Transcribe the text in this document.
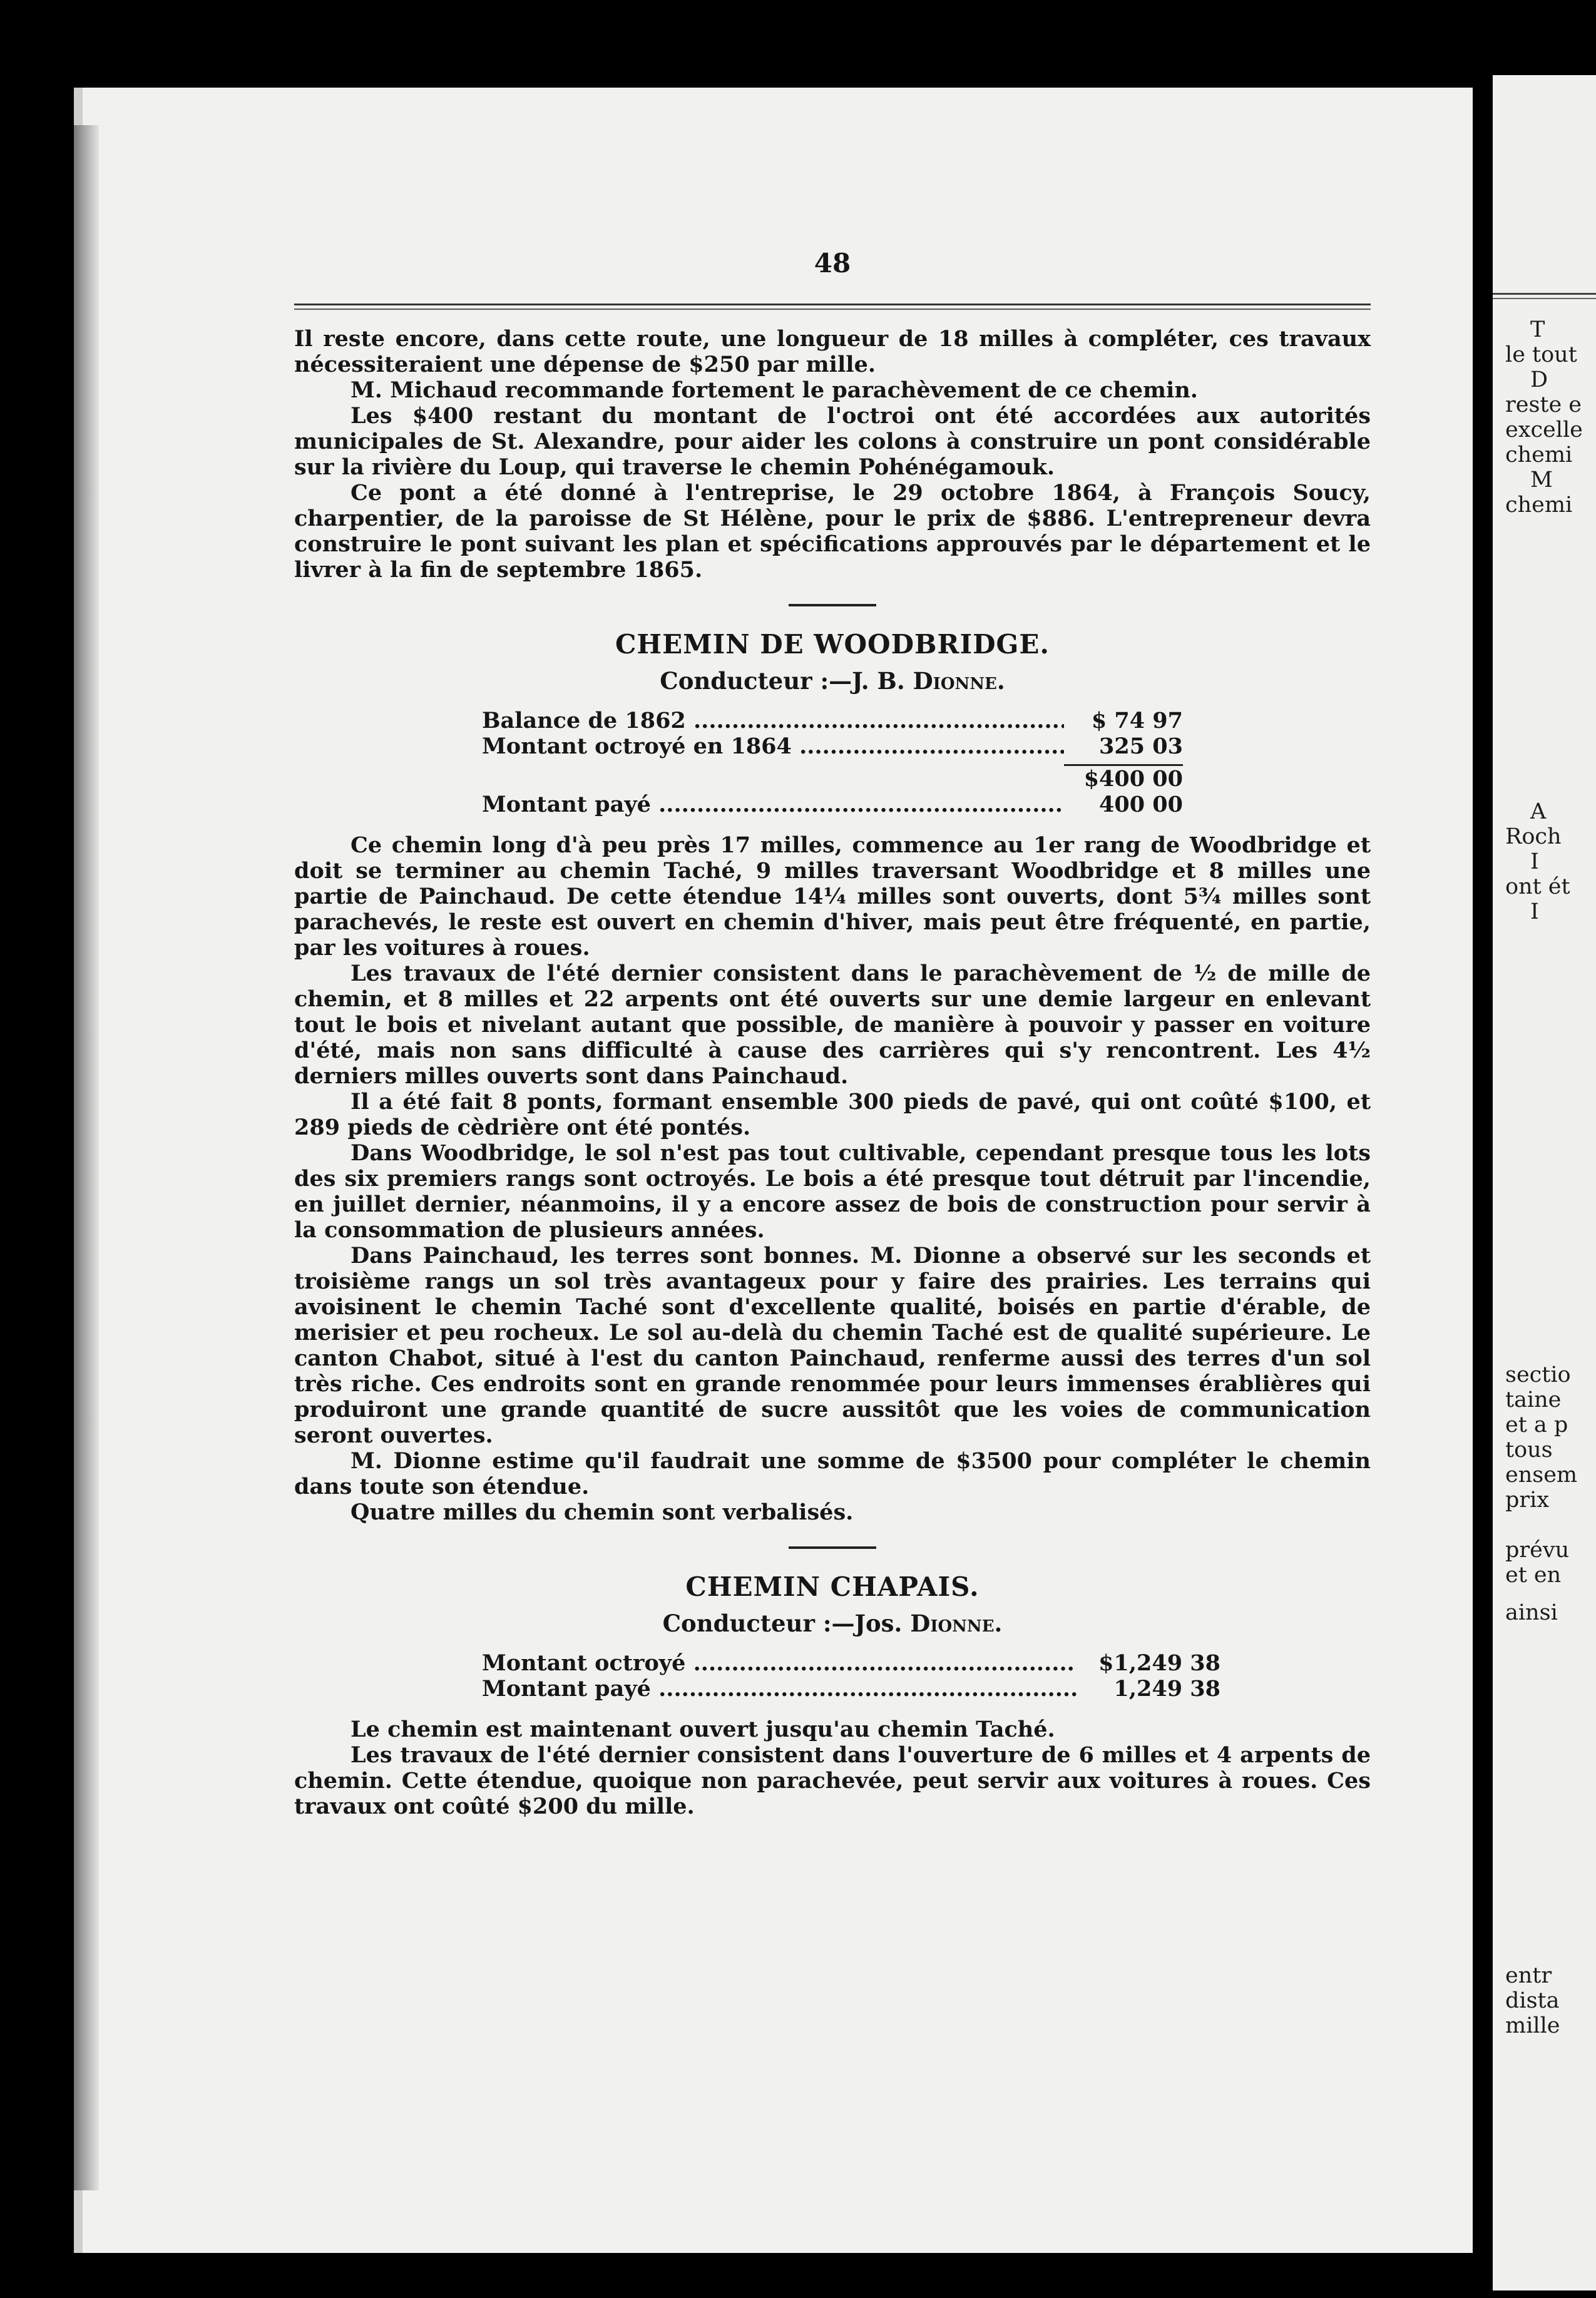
T
le tout
D
reste e
excelle
chemi
M
chemi
A
Roch
I
ont ét
I
sectio
taine
et a p
tous
ensem
prix
prévu
et en
ainsi
entr
dista
mille
48

Il reste encore, dans cette route, une longueur de 18 milles à compléter, ces travaux nécessiteraient une dépense de $250 par mille.

M. Michaud recommande fortement le parachèvement de ce chemin.

Les $400 restant du montant de l'octroi ont été accordées aux autorités municipales de St. Alexandre, pour aider les colons à construire un pont considérable sur la rivière du Loup, qui traverse le chemin Pohénégamouk.

Ce pont a été donné à l'entreprise, le 29 octobre 1864, à François Soucy, charpentier, de la paroisse de St Hélène, pour le prix de $886. L'entrepreneur devra construire le pont suivant les plan et spécifications approuvés par le département et le livrer à la fin de septembre 1865.

CHEMIN DE WOODBRIDGE.
Conducteur :—J. B. Dionne.
Balance de 1862 .....	$ 74 97
Montant octroyé en 1864 .....	325 03
$400 00
Montant payé .....	400 00

Ce chemin long d'à peu près 17 milles, commence au 1er rang de Woodbridge et doit se terminer au chemin Taché, 9 milles traversant Woodbridge et 8 milles une partie de Painchaud. De cette étendue 14¼ milles sont ouverts, dont 5¾ milles sont parachevés, le reste est ouvert en chemin d'hiver, mais peut être fréquenté, en partie, par les voitures à roues.

Les travaux de l'été dernier consistent dans le parachèvement de ½ de mille de chemin, et 8 milles et 22 arpents ont été ouverts sur une demie largeur en enlevant tout le bois et nivelant autant que possible, de manière à pouvoir y passer en voiture d'été, mais non sans difficulté à cause des carrières qui s'y rencontrent. Les 4½ derniers milles ouverts sont dans Painchaud.

Il a été fait 8 ponts, formant ensemble 300 pieds de pavé, qui ont coûté $100, et 289 pieds de cèdrière ont été pontés.

Dans Woodbridge, le sol n'est pas tout cultivable, cependant presque tous les lots des six premiers rangs sont octroyés. Le bois a été presque tout détruit par l'incendie, en juillet dernier, néanmoins, il y a encore assez de bois de construction pour servir à la consommation de plusieurs années.

Dans Painchaud, les terres sont bonnes. M. Dionne a observé sur les seconds et troisième rangs un sol très avantageux pour y faire des prairies. Les terrains qui avoisinent le chemin Taché sont d'excellente qualité, boisés en partie d'érable, de merisier et peu rocheux. Le sol au-delà du chemin Taché est de qualité supérieure. Le canton Chabot, situé à l'est du canton Painchaud, renferme aussi des terres d'un sol très riche. Ces endroits sont en grande renommée pour leurs immenses érablières qui produiront une grande quantité de sucre aussitôt que les voies de communication seront ouvertes.

M. Dionne estime qu'il faudrait une somme de $3500 pour compléter le chemin dans toute son étendue.

Quatre milles du chemin sont verbalisés.

CHEMIN CHAPAIS.
Conducteur :—Jos. Dionne.
Montant octroyé .....	$1,249 38
Montant payé .....	1,249 38

Le chemin est maintenant ouvert jusqu'au chemin Taché.

Les travaux de l'été dernier consistent dans l'ouverture de 6 milles et 4 arpents de chemin. Cette étendue, quoique non parachevée, peut servir aux voitures à roues. Ces travaux ont coûté $200 du mille.
